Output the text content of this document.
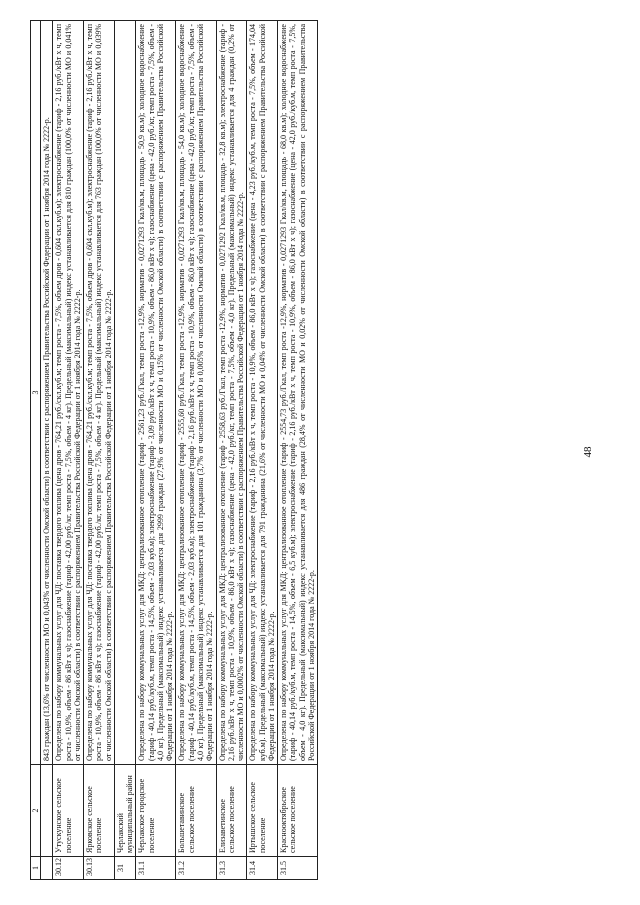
48
1	2	3
		843 граждан (13,6% от численности МО и 0,043% от численности Омской области) в соответствии с распоряжением Правительства Российской Федерации от 1 ноября 2014 года № 2222-р.
30.12	Утускунское сельское поселение	Определена по набору коммунальных услуг для ЧД: поставка твердого топлива (цена дров - 764,21 руб./скл.куб.м; темп роста - 7,5%, объем дров - 0,604 скл.куб.м); электроснабжение (тариф - 2,16 руб./кВт х ч, темп роста - 10,9%, объем - 86 кВт х ч); газоснабжение (тариф - 42,00 руб./кг, темп роста - 7,5%, объем - 4 кг). Предельный (максимальный) индекс устанавливается для 810 граждан (100,0% от численности МО и 0,041% от численности Омской области) в соответствии с распоряжением Правительства Российской Федерации от 1 ноября 2014 года № 2222-р.
30.13	Ярковское сельское поселение	Определена по набору коммунальных услуг для ЧД: поставка твердого топлива (цена дров - 764,21 руб./скл.куб.м; темп роста - 7,5%, объем дров - 0,604 скл.куб.м); электроснабжение (тариф - 2,16 руб./кВт х ч, темп роста - 10,9%, объем - 86 кВт х ч); газоснабжение (тариф - 42,00 руб./кг, темп роста - 7,5%, объем - 4 кг). Предельный (максимальный) индекс устанавливается для 763 граждан (100,0% от численности МО и 0,039% от численности Омской области) в соответствии с распоряжением Правительства Российской Федерации от 1 ноября 2014 года № 2222-р.
31	Черлакский муниципальный район	
31.1	Черлакское городское поселение	Определена по набору коммунальных услуг для МКД: централизованное отопление (тариф - 2561,23 руб./Гкал, темп роста -12,9%, норматив - 0,0271293 Гкал/кв.м, площадь - 50,9 кв.м); холодное водоснабжение (тариф - 40,14 руб./куб.м, темп роста - 14,5%, объем - 2,03 куб.м); электроснабжение (тариф - 3,09 руб./кВт х ч, темп роста - 10,9%, объем - 86,0 кВт х ч); газоснабжение (цена - 42,0 руб./кг, темп роста - 7,5%, объем - 4,0 кг). Предельный (максимальный) индекс устанавливается для 2999 граждан (27,9% от численности МО и 0,15% от численности Омской области) в соответствии с распоряжением Правительства Российской Федерации от 1 ноября 2014 года № 2222-р.
31.2	Большетавинское сельское поселение	Определена по набору коммунальных услуг для МКД: централизованное отопление (тариф - 2555,60 руб./Гкал, темп роста -12,9%, норматив - 0,0271293 Гкал/кв.м, площадь - 54,0 кв.м); холодное водоснабжение (тариф - 40,14 руб./куб.м, темп роста - 14,5%, объем - 2,03 куб.м); электроснабжение (тариф - 2,16 руб./кВт х ч, темп роста - 10,9%, объем - 86,0 кВт х ч); газоснабжение (цена - 42,0 руб./кг, темп роста - 7,5%, объем - 4,0 кг). Предельный (максимальный) индекс устанавливается для 101 гражданина (3,7% от численности МО и 0,005% от численности Омской области) в соответствии с распоряжением Правительства Российской Федерации от 1 ноября 2014 года № 2222-р.
31.3	Елизаветинское сельское поселение	Определена по набору коммунальных услуг для МКД: централизованное отопление (тариф - 2558,63 руб./Гкал, темп роста -12,9%, норматив - 0,0271292 Гкал/кв.м, площадь - 32,8 кв.м); электроснабжение (тариф - 2,16 руб./кВт х ч, темп роста - 10,9%, объем - 86,0 кВт х ч); газоснабжение (цена - 42,0 руб./кг, темп роста - 7,5%, объем - 4,0 кг). Предельный (максимальный) индекс устанавливается для 4 граждан (0,2% от численности МО и 0,0002% от численности Омской области) в соответствии с распоряжением Правительства Российской Федерации от 1 ноября 2014 года № 2222-р.
31.4	Иртышское сельское поселение	Определена по набору коммунальных услуг для ЧД: электроснабжение (тариф - 2,16 руб./кВт х ч, темп роста - 10,9%, объем - 86,0 кВт х ч); газоснабжение (цена - 4,23 руб./куб.м, темп роста - 7,5%, объем - 174,04 куб.м). Предельный (максимальный) индекс устанавливается для 791 гражданина (21,6% от численности МО и 0,04% от численности Омской области) в соответствии с распоряжением Правительства Российской Федерации от 1 ноября 2014 года № 2222-р.
31.5	Краснооктябрьское сельское поселение	Определена по набору коммунальных услуг для МКД: централизованное отопление (тариф - 2554,73 руб./Гкал, темп роста -12,9%, норматив - 0,0271293 Гкал/кв.м, площадь - 68,0 кв.м); холодное водоснабжение (тариф - 40,14 руб./куб.м, темп роста - 14,5%, объем - 6,5 куб.м); электроснабжение (тариф - 2,16 руб./кВт х ч, темп роста - 10,9%, объем - 86,0 кВт х ч); газоснабжение (цена - 42,0 руб./куб.м, темп роста - 7,5%, объем - 4,0 кг). Предельный (максимальный) индекс устанавливается для 486 граждан (28,4% от численности МО и 0,02% от численности Омской области) в соответствии с распоряжением Правительства Российской Федерации от 1 ноября 2014 года № 2222-р.
